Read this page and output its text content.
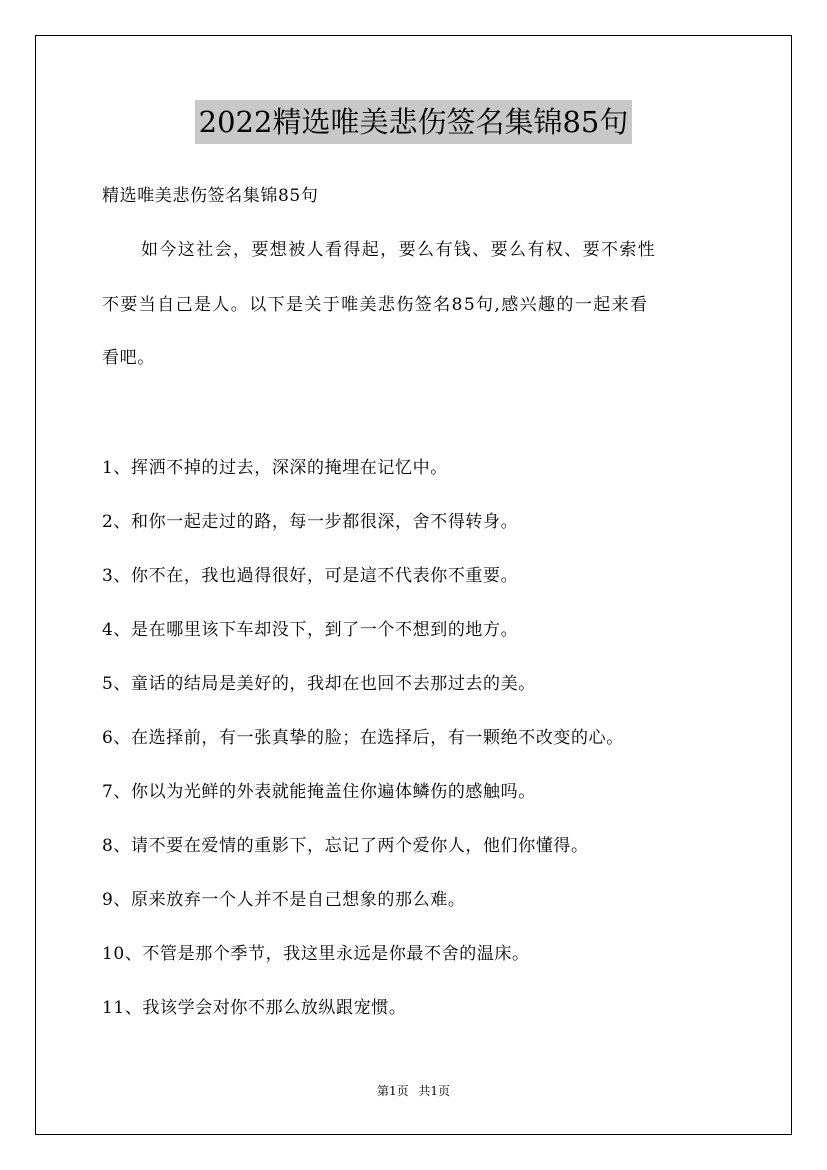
2022精选唯美悲伤签名集锦85句
精选唯美悲伤签名集锦85句
如今这社会，要想被人看得起，要么有钱、要么有权、要不索性
不要当自己是人。以下是关于唯美悲伤签名85句,感兴趣的一起来看
看吧。
1、挥洒不掉的过去，深深的掩埋在记忆中。
2、和你一起走过的路，每一步都很深，舍不得转身。
3、你不在，我也過得很好，可是這不代表你不重要。
4、是在哪里该下车却没下，到了一个不想到的地方。
5、童话的结局是美好的，我却在也回不去那过去的美。
6、在选择前，有一张真挚的脸；在选择后，有一颗绝不改变的心。
7、你以为光鲜的外表就能掩盖住你遍体鳞伤的感触吗。
8、请不要在爱情的重影下，忘记了两个爱你人，他们你懂得。
9、原来放弃一个人并不是自己想象的那么难。
10、不管是那个季节，我这里永远是你最不舍的温床。
11、我该学会对你不那么放纵跟宠惯。
第1页 共1页
